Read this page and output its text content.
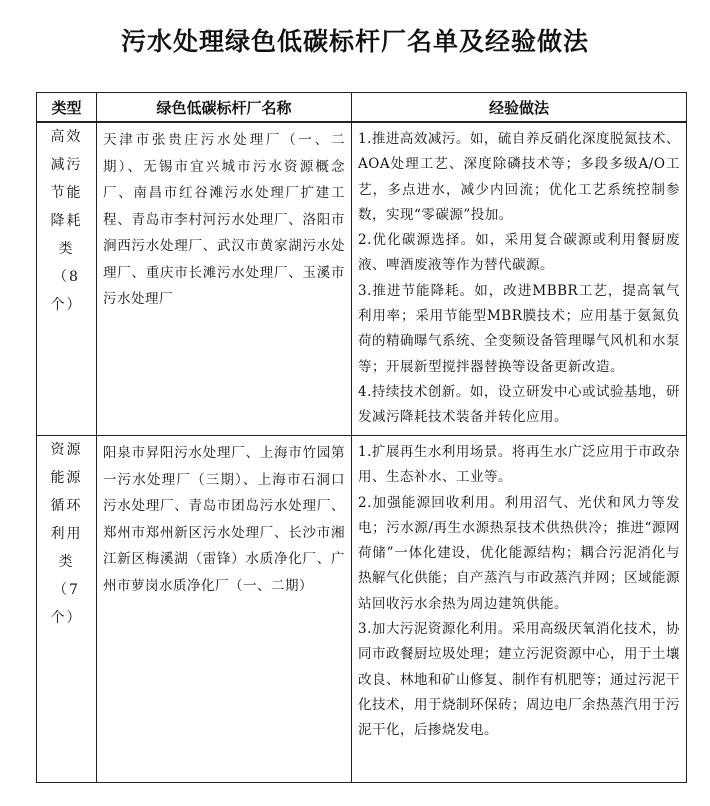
污水处理绿色低碳标杆厂名单及经验做法
类型	绿色低碳标杆厂名称	经验做法

高效减污节能降耗类（8个）	天津市张贵庄污水处理厂（一、二期）、无锡市宜兴城市污水资源概念厂、南昌市红谷滩污水处理厂扩建工程、青岛市李村河污水处理厂、洛阳市涧西污水处理厂、武汉市黄家湖污水处理厂、重庆市长滩污水处理厂、玉溪市污水处理厂	1.推进高效减污。如，硫自养反硝化深度脱氮技术、AOA处理工艺、深度除磷技术等；多段多级A/O工艺，多点进水，减少内回流；优化工艺系统控制参数，实现“零碳源”投加。
2.优化碳源选择。如，采用复合碳源或利用餐厨废液、啤酒废液等作为替代碳源。
3.推进节能降耗。如，改进MBBR工艺，提高氧气利用率；采用节能型MBR膜技术；应用基于氨氮负荷的精确曝气系统、全变频设备管理曝气风机和水泵等；开展新型搅拌器替换等设备更新改造。
4.持续技术创新。如，设立研发中心或试验基地，研发减污降耗技术装备并转化应用。

资源能源循环利用类（7个）	阳泉市昇阳污水处理厂、上海市竹园第一污水处理厂（三期）、上海市石洞口污水处理厂、青岛市团岛污水处理厂、郑州市郑州新区污水处理厂、长沙市湘江新区梅溪湖（雷锋）水质净化厂、广州市萝岗水质净化厂（一、二期）	1.扩展再生水利用场景。将再生水广泛应用于市政杂用、生态补水、工业等。
2.加强能源回收利用。利用沼气、光伏和风力等发电；污水源/再生水源热泵技术供热供冷；推进“源网荷储”一体化建设，优化能源结构；耦合污泥消化与热解气化供能；自产蒸汽与市政蒸汽并网；区域能源站回收污水余热为周边建筑供能。
3.加大污泥资源化利用。采用高级厌氧消化技术，协同市政餐厨垃圾处理；建立污泥资源中心，用于土壤改良、林地和矿山修复、制作有机肥等；通过污泥干化技术，用于烧制环保砖；周边电厂余热蒸汽用于污泥干化，后掺烧发电。
